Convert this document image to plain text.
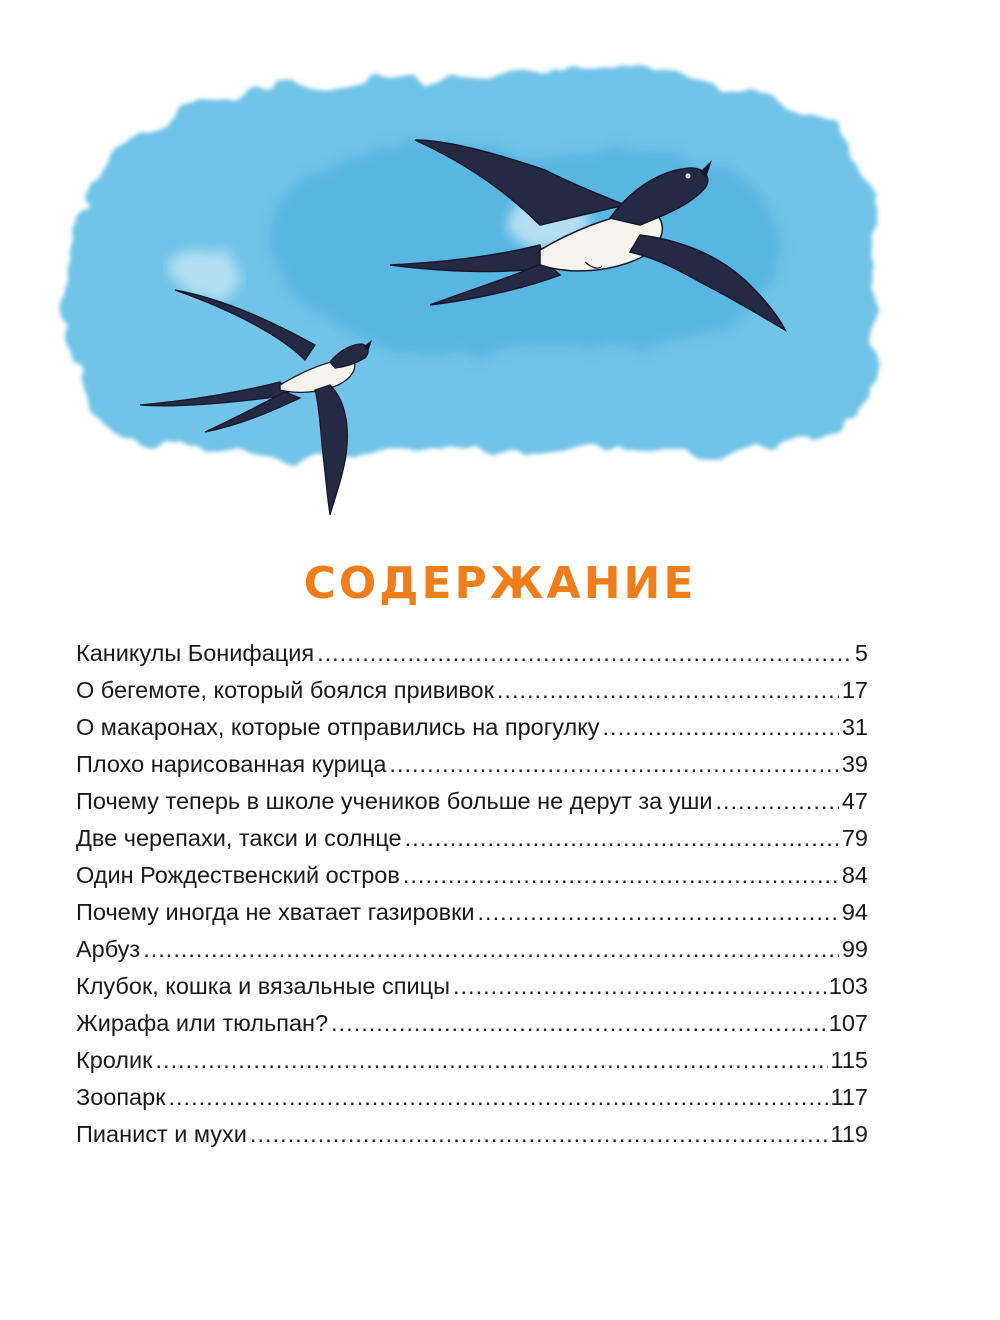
СОДЕРЖАНИЕ
Каникулы Бонифация .....	5
О бегемоте, который боялся прививок .....	17
О макаронах, которые отправились на прогулку .....	31
Плохо нарисованная курица .....	39
Почему теперь в школе учеников больше не дерут за уши .....	47
Две черепахи, такси и солнце .....	79
Один Рождественский остров .....	84
Почему иногда не хватает газировки .....	94
Арбуз .....	99
Клубок, кошка и вязальные спицы .....	103
Жирафа или тюльпан? .....	107
Кролик .....	115
Зоопарк .....	117
Пианист и мухи .....	119
